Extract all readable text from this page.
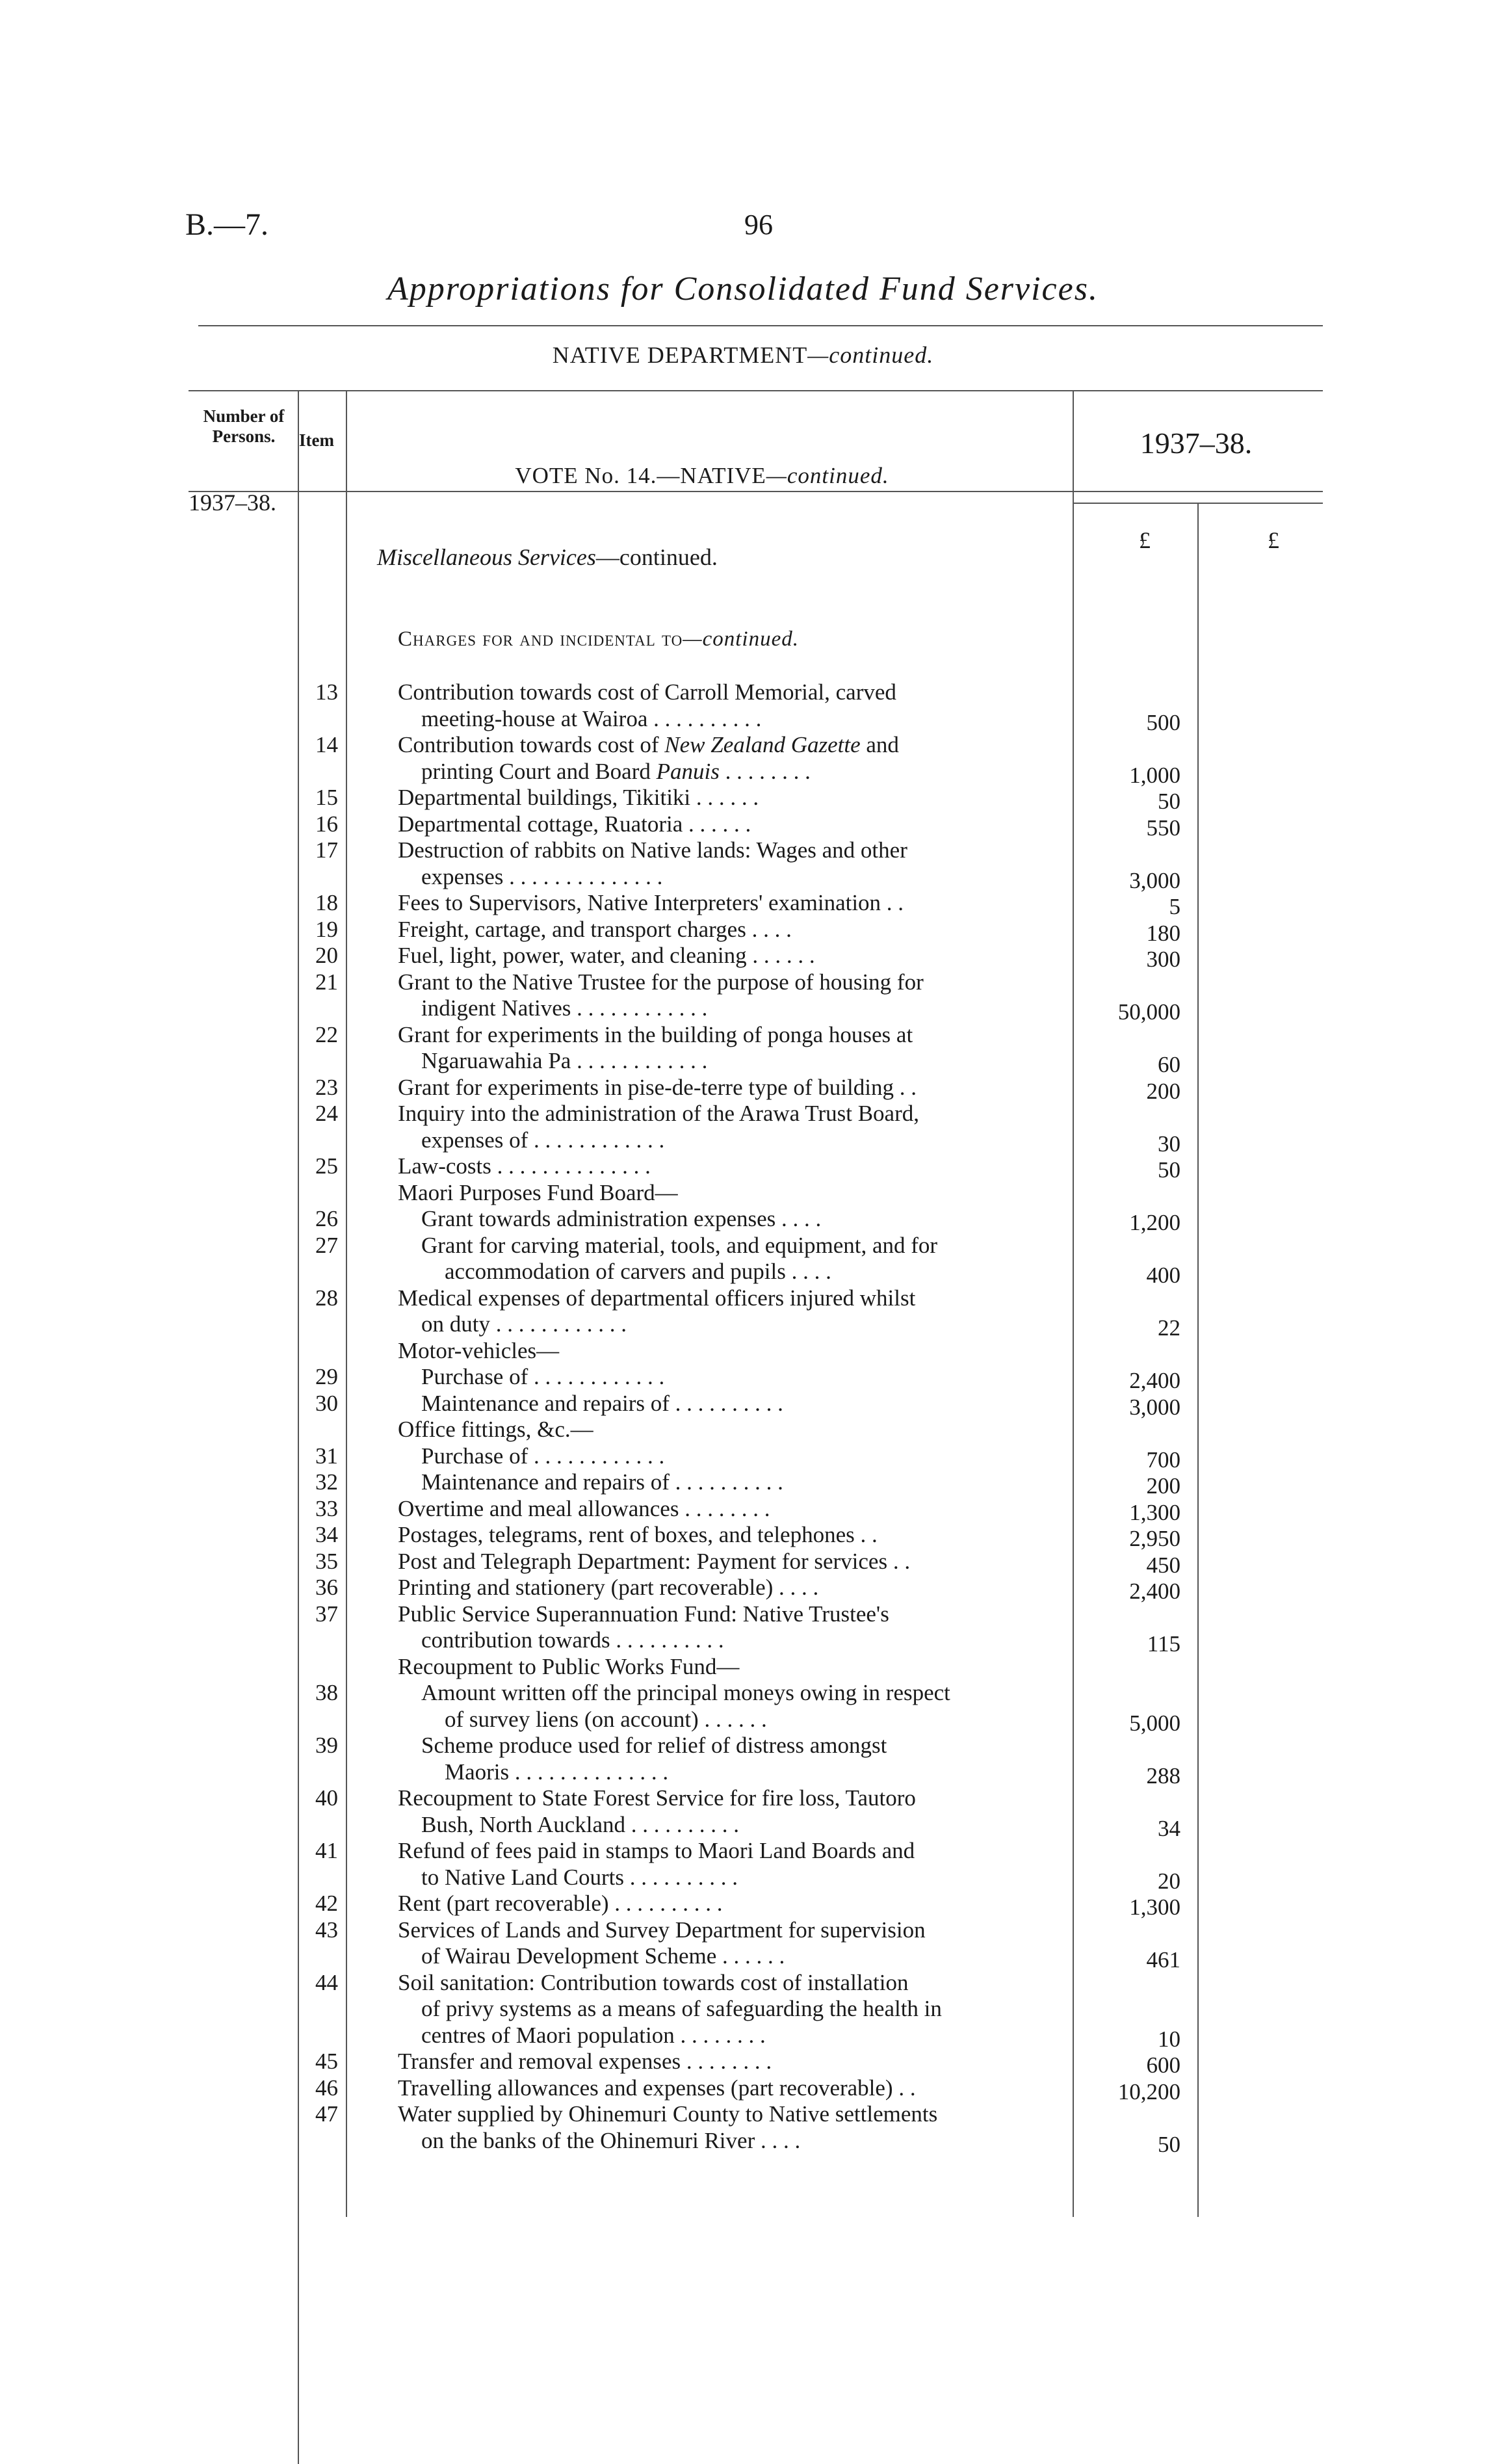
B.—7.	96
Appropriations for Consolidated Fund Services.
NATIVE DEPARTMENT—continued.
Number of Persons.	Item	1937–38.
1937–38.
VOTE No. 14.—NATIVE—continued.
£	£
Miscellaneous Services—continued.
Charges for and incidental to—continued.
13	Contribution towards cost of Carroll Memorial, carved
meeting-house at Wairoa . . . . . . . . . .	500
14	Contribution towards cost of New Zealand Gazette and
printing Court and Board Panuis . . . . . . . .	1,000
15	Departmental buildings, Tikitiki . . . . . .	50
16	Departmental cottage, Ruatoria . . . . . .	550
17	Destruction of rabbits on Native lands: Wages and other
expenses . . . . . . . . . . . . . .	3,000
18	Fees to Supervisors, Native Interpreters' examination . .	5
19	Freight, cartage, and transport charges . . . .	180
20	Fuel, light, power, water, and cleaning . . . . . .	300
21	Grant to the Native Trustee for the purpose of housing for
indigent Natives . . . . . . . . . . . .	50,000
22	Grant for experiments in the building of ponga houses at
Ngaruawahia Pa . . . . . . . . . . . .	60
23	Grant for experiments in pise-de-terre type of building . .	200
24	Inquiry into the administration of the Arawa Trust Board,
expenses of . . . . . . . . . . . .	30
25	Law-costs . . . . . . . . . . . . . .	50
Maori Purposes Fund Board—
26	Grant towards administration expenses . . . .	1,200
27	Grant for carving material, tools, and equipment, and for
accommodation of carvers and pupils . . . .	400
28	Medical expenses of departmental officers injured whilst
on duty . . . . . . . . . . . .	22
Motor-vehicles—
29	Purchase of . . . . . . . . . . . .	2,400
30	Maintenance and repairs of . . . . . . . . . .	3,000
Office fittings, &c.—
31	Purchase of . . . . . . . . . . . .	700
32	Maintenance and repairs of . . . . . . . . . .	200
33	Overtime and meal allowances . . . . . . . .	1,300
34	Postages, telegrams, rent of boxes, and telephones . .	2,950
35	Post and Telegraph Department: Payment for services . .	450
36	Printing and stationery (part recoverable) . . . .	2,400
37	Public Service Superannuation Fund: Native Trustee's
contribution towards . . . . . . . . . .	115
Recoupment to Public Works Fund—
38	Amount written off the principal moneys owing in respect
of survey liens (on account) . . . . . .	5,000
39	Scheme produce used for relief of distress amongst
Maoris . . . . . . . . . . . . . .	288
40	Recoupment to State Forest Service for fire loss, Tautoro
Bush, North Auckland . . . . . . . . . .	34
41	Refund of fees paid in stamps to Maori Land Boards and
to Native Land Courts . . . . . . . . . .	20
42	Rent (part recoverable) . . . . . . . . . .	1,300
43	Services of Lands and Survey Department for supervision
of Wairau Development Scheme . . . . . .	461
44	Soil sanitation: Contribution towards cost of installation
of privy systems as a means of safeguarding the health in
centres of Maori population . . . . . . . .	10
45	Transfer and removal expenses . . . . . . . .	600
46	Travelling allowances and expenses (part recoverable) . .	10,200
47	Water supplied by Ohinemuri County to Native settlements
on the banks of the Ohinemuri River . . . .	50
